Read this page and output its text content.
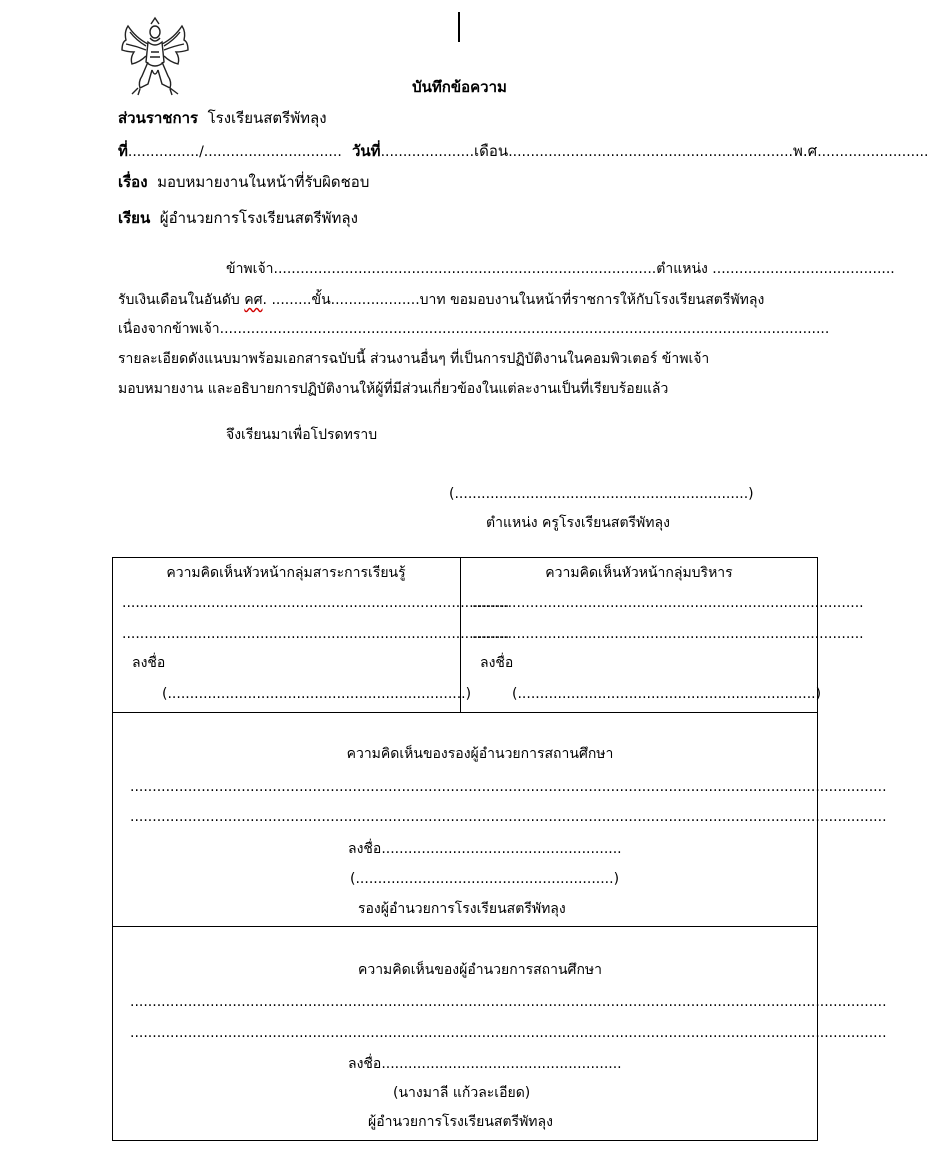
บันทึกข้อความ
ส่วนราชการ โรงเรียนสตรีพัทลุง
ที่................/............................... วันที่.....................เดือน................................................................พ.ศ.........................
เรื่อง มอบหมายงานในหน้าที่รับผิดชอบ
เรียน ผู้อำนวยการโรงเรียนสตรีพัทลุง
ข้าพเจ้า......................................................................................ตำแหน่ง .........................................
รับเงินเดือนในอันดับ คศ. .........ขั้น....................บาท ขอมอบงานในหน้าที่ราชการให้กับโรงเรียนสตรีพัทลุง
เนื่องจากข้าพเจ้า.........................................................................................................................................
รายละเอียดดังแนบมาพร้อมเอกสารฉบับนี้ ส่วนงานอื่นๆ ที่เป็นการปฏิบัติงานในคอมพิวเตอร์ ข้าพเจ้า
มอบหมายงาน และอธิบายการปฏิบัติงานให้ผู้ที่มีส่วนเกี่ยวข้องในแต่ละงานเป็นที่เรียบร้อยแล้ว
จึงเรียนมาเพื่อโปรดทราบ
(..................................................................)
ตำแหน่ง ครูโรงเรียนสตรีพัทลุง
ความคิดเห็นหัวหน้ากลุ่มสาระการเรียนรู้
.......................................................................................
.......................................................................................
ลงชื่อ
(...................................................................)
ความคิดเห็นหัวหน้ากลุ่มบริหาร
........................................................................................
........................................................................................
ลงชื่อ
(...................................................................)
ความคิดเห็นของรองผู้อำนวยการสถานศึกษา
..........................................................................................................................................................................
..........................................................................................................................................................................
ลงชื่อ......................................................
(..........................................................)
รองผู้อำนวยการโรงเรียนสตรีพัทลุง
ความคิดเห็นของผู้อำนวยการสถานศึกษา
..........................................................................................................................................................................
..........................................................................................................................................................................
ลงชื่อ......................................................
(นางมาลี แก้วละเอียด)
ผู้อำนวยการโรงเรียนสตรีพัทลุง
